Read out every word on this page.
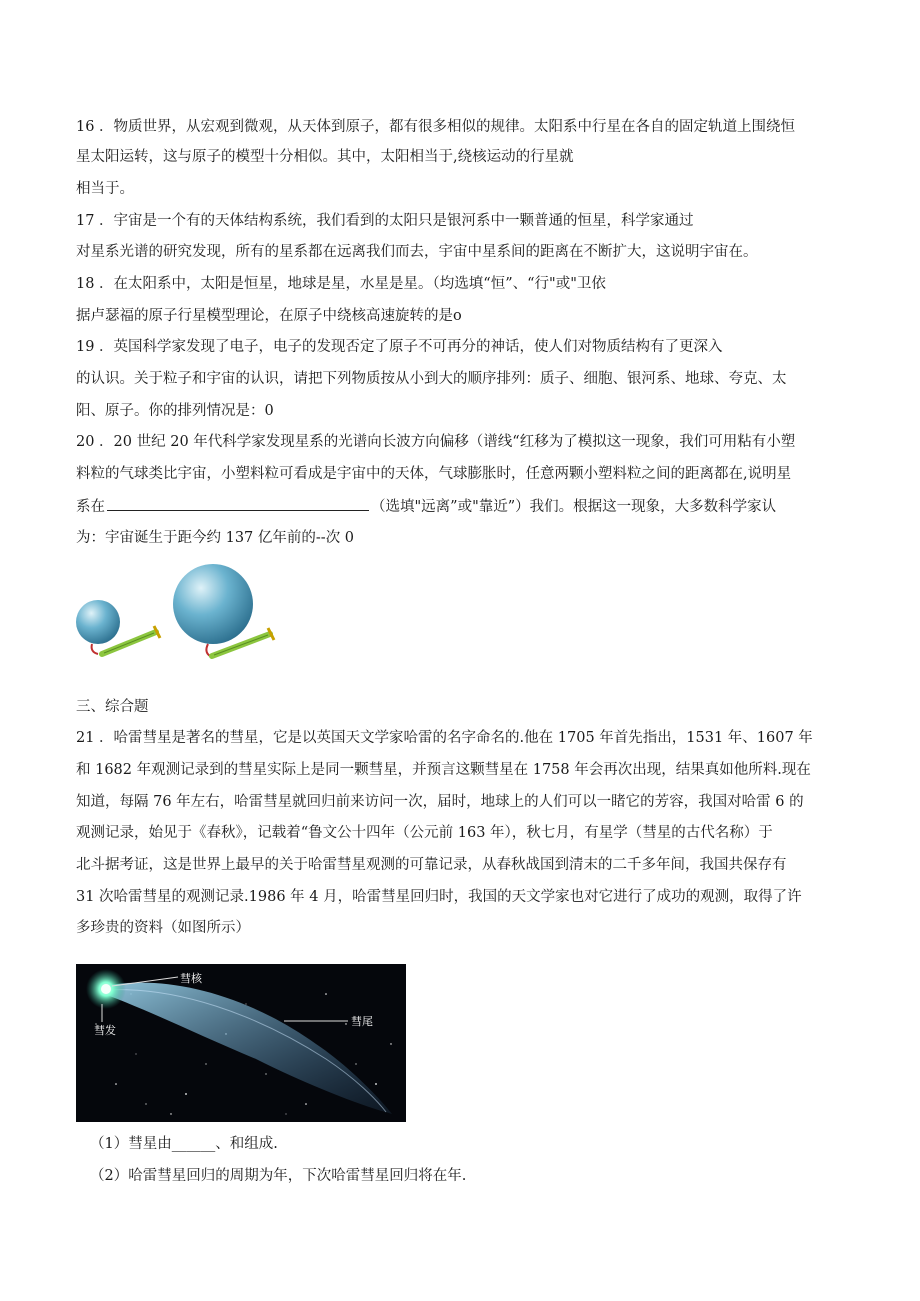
16 ．物质世界，从宏观到微观，从天体到原子，都有很多相似的规律。太阳系中行星在各自的固定轨道上围绕恒
星太阳运转，这与原子的模型十分相似。其中，太阳相当于,绕核运动的行星就
相当于。
17 ．宇宙是一个有的天体结构系统，我们看到的太阳只是银河系中一颗普通的恒星，科学家通过
对星系光谱的研究发现，所有的星系都在远离我们而去，宇宙中星系间的距离在不断扩大，这说明宇宙在。
18 ．在太阳系中，太阳是恒星，地球是星，水星是星。（均选填“恒”、“行"或"卫依
据卢瑟福的原子行星模型理论，在原子中绕核高速旋转的是o
19 ．英国科学家发现了电子，电子的发现否定了原子不可再分的神话，使人们对物质结构有了更深入
的认识。关于粒子和宇宙的认识，请把下列物质按从小到大的顺序排列：质子、细胞、银河系、地球、夸克、太
阳、原子。你的排列情况是：0
20 ．20 世纪 20 年代科学家发现星系的光谱向长波方向偏移（谱线“红移为了模拟这一现象，我们可用粘有小塑
料粒的气球类比宇宙，小塑料粒可看成是宇宙中的天体，气球膨胀时，任意两颗小塑料粒之间的距离都在,说明星
系在	（选填"远离”或"靠近”）我们。根据这一现象，大多数科学家认
为：宇宙诞生于距今约 137 亿年前的--次 0
三、综合题
21 ．哈雷彗星是著名的彗星，它是以英国天文学家哈雷的名字命名的.他在 1705 年首先指出，1531 年、1607 年
和 1682 年观测记录到的彗星实际上是同一颗彗星，并预言这颗彗星在 1758 年会再次出现，结果真如他所料.现在
知道，每隔 76 年左右，哈雷彗星就回归前来访问一次，届时，地球上的人们可以一睹它的芳容，我国对哈雷 6 的
观测记录，始见于《春秋》，记载着“鲁文公十四年（公元前 163 年），秋七月，有星学（彗星的古代名称）于
北斗据考证，这是世界上最早的关于哈雷彗星观测的可靠记录，从春秋战国到清末的二千多年间，我国共保存有
31 次哈雷彗星的观测记录.1986 年 4 月，哈雷彗星回归时，我国的天文学家也对它进行了成功的观测，取得了许
多珍贵的资料（如图所示）
彗核
彗发
彗尾
（1）彗星由______、和组成.
（2）哈雷彗星回归的周期为年，下次哈雷彗星回归将在年.
